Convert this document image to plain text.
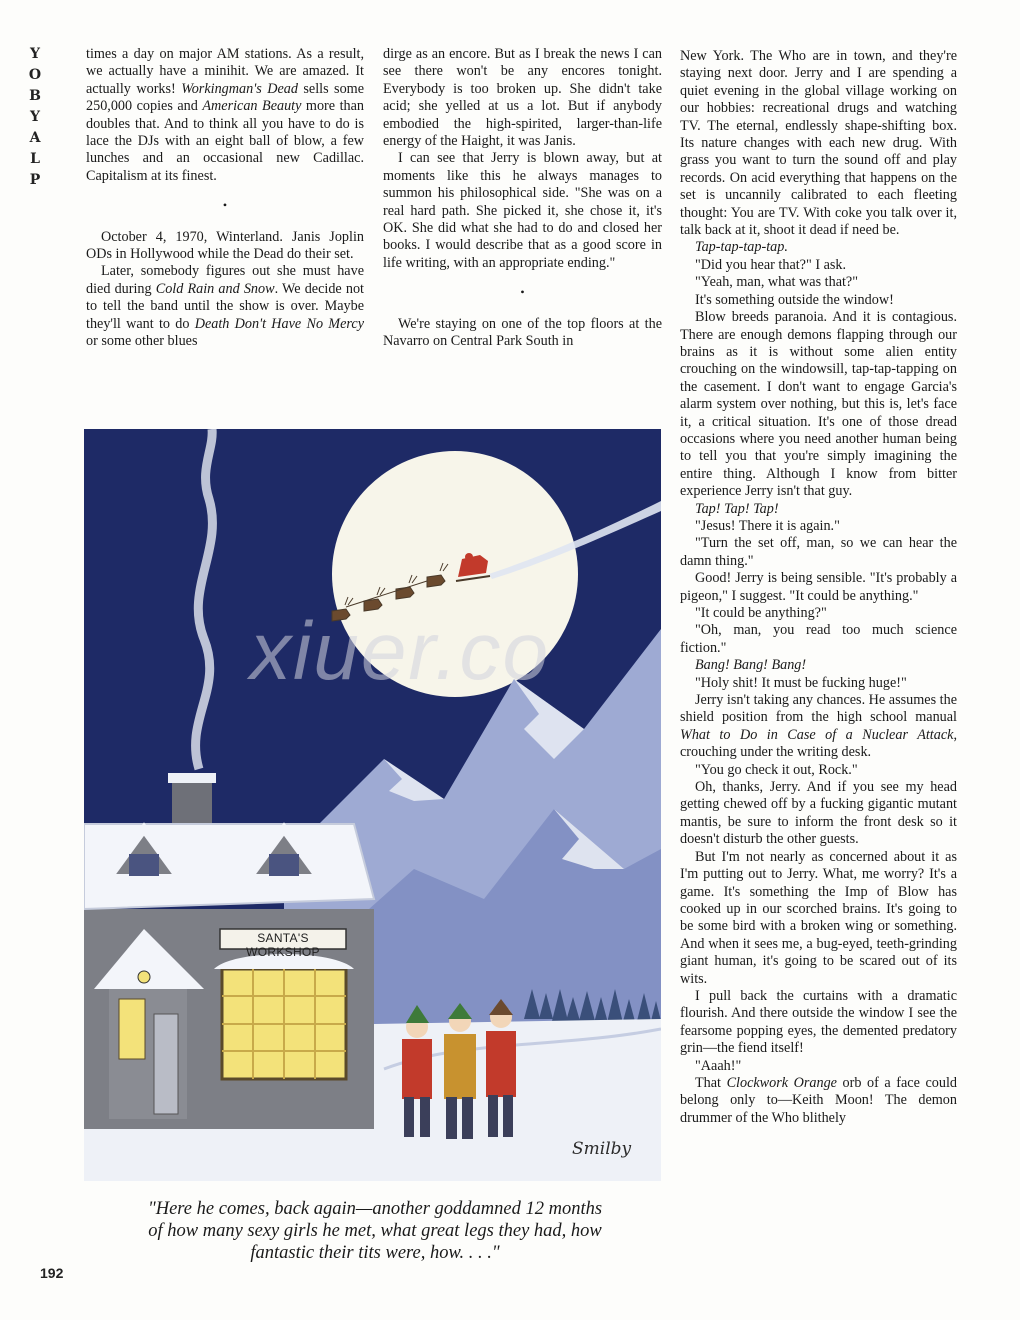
Y
O
B
Y
A
L
P

times a day on major AM stations. As a result, we actually have a minihit. We are amazed. It actually works! Workingman's Dead sells some 250,000 copies and American Beauty more than doubles that. And to think all you have to do is lace the DJs with an eight ball of blow, a few lunches and an occasional new Cadillac. Capitalism at its finest.

•

October 4, 1970, Winterland. Janis Joplin ODs in Hollywood while the Dead do their set.

Later, somebody figures out she must have died during Cold Rain and Snow. We decide not to tell the band until the show is over. Maybe they'll want to do Death Don't Have No Mercy or some other blues

dirge as an encore. But as I break the news I can see there won't be any encores tonight. Everybody is too broken up. She didn't take acid; she yelled at us a lot. But if anybody embodied the high-spirited, larger-than-life energy of the Haight, it was Janis.

I can see that Jerry is blown away, but at moments like this he always manages to summon his philosophical side. "She was on a real hard path. She picked it, she chose it, it's OK. She did what she had to do and closed her books. I would describe that as a good score in life writing, with an appropriate ending."

•

We're staying on one of the top floors at the Navarro on Central Park South in

New York. The Who are in town, and they're staying next door. Jerry and I are spending a quiet evening in the global village working on our hobbies: recreational drugs and watching TV. The eternal, endlessly shape-shifting box. Its nature changes with each new drug. With grass you want to turn the sound off and play records. On acid everything that happens on the set is uncannily calibrated to each fleeting thought: You are TV. With coke you talk over it, talk back at it, shoot it dead if need be.

Tap-tap-tap-tap.

"Did you hear that?" I ask.

"Yeah, man, what was that?"

It's something outside the window!

Blow breeds paranoia. And it is contagious. There are enough demons flapping through our brains as it is without some alien entity crouching on the windowsill, tap-tap-tapping on the casement. I don't want to engage Garcia's alarm system over nothing, but this is, let's face it, a critical situation. It's one of those dread occasions where you need another human being to tell you that you're simply imagining the entire thing. Although I know from bitter experience Jerry isn't that guy.

Tap! Tap! Tap!

"Jesus! There it is again."

"Turn the set off, man, so we can hear the damn thing."

Good! Jerry is being sensible. "It's probably a pigeon," I suggest. "It could be anything."

"It could be anything?"

"Oh, man, you read too much science fiction."

Bang! Bang! Bang!

"Holy shit! It must be fucking huge!"

Jerry isn't taking any chances. He assumes the shield position from the high school manual What to Do in Case of a Nuclear Attack, crouching under the writing desk.

"You go check it out, Rock."

Oh, thanks, Jerry. And if you see my head getting chewed off by a fucking gigantic mutant mantis, be sure to inform the front desk so it doesn't disturb the other guests.

But I'm not nearly as concerned about it as I'm putting out to Jerry. What, me worry? It's a game. It's something the Imp of Blow has cooked up in our scorched brains. It's going to be some bird with a broken wing or something. And when it sees me, a bug-eyed, teeth-grinding giant human, it's going to be scared out of its wits.

I pull back the curtains with a dramatic flourish. And there outside the window I see the fearsome popping eyes, the demented predatory grin—the fiend itself!

"Aaah!"

That Clockwork Orange orb of a face could belong only to—Keith Moon! The demon drummer of the Who blithely

SANTA'S WORKSHOP
Smilby
"Here he comes, back again—another goddamned 12 months of how many sexy girls he met, what great legs they had, how fantastic their tits were, how. . . ."
xiuer.co
192
